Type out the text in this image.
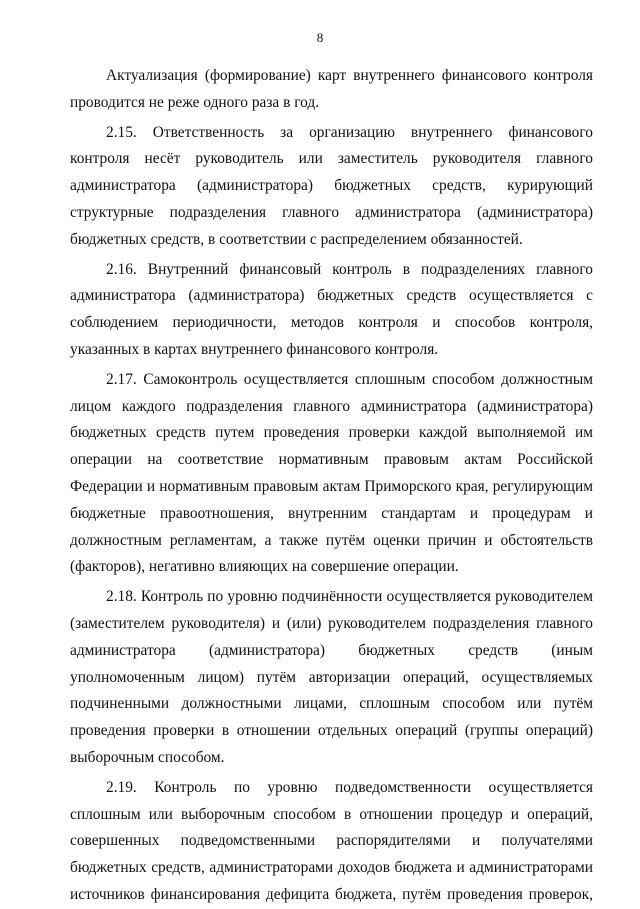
8

Актуализация (формирование) карт внутреннего финансового контроля проводится не реже одного раза в год.

2.15. Ответственность за организацию внутреннего финансового контроля несёт руководитель или заместитель руководителя главного администратора (администратора) бюджетных средств, курирующий структурные подразделения главного администратора (администратора) бюджетных средств, в соответствии с распределением обязанностей.

2.16. Внутренний финансовый контроль в подразделениях главного администратора (администратора) бюджетных средств осуществляется с соблюдением периодичности, методов контроля и способов контроля, указанных в картах внутреннего финансового контроля.

2.17. Самоконтроль осуществляется сплошным способом должностным лицом каждого подразделения главного администратора (администратора) бюджетных средств путем проведения проверки каждой выполняемой им операции на соответствие нормативным правовым актам Российской Федерации и нормативным правовым актам Приморского края, регулирующим бюджетные правоотношения, внутренним стандартам и процедурам и должностным регламентам, а также путём оценки причин и обстоятельств (факторов), негативно влияющих на совершение операции.

2.18. Контроль по уровню подчинённости осуществляется руководителем (заместителем руководителя) и (или) руководителем подразделения главного администратора (администратора) бюджетных средств (иным уполномоченным лицом) путём авторизации операций, осуществляемых подчиненными должностными лицами, сплошным способом или путём проведения проверки в отношении отдельных операций (группы операций) выборочным способом.

2.19. Контроль по уровню подведомственности осуществляется сплошным или выборочным способом в отношении процедур и операций, совершенных подведомственными распорядителями и получателями бюджетных средств, администраторами доходов бюджета и администраторами источников финансирования дефицита бюджета, путём проведения проверок,
